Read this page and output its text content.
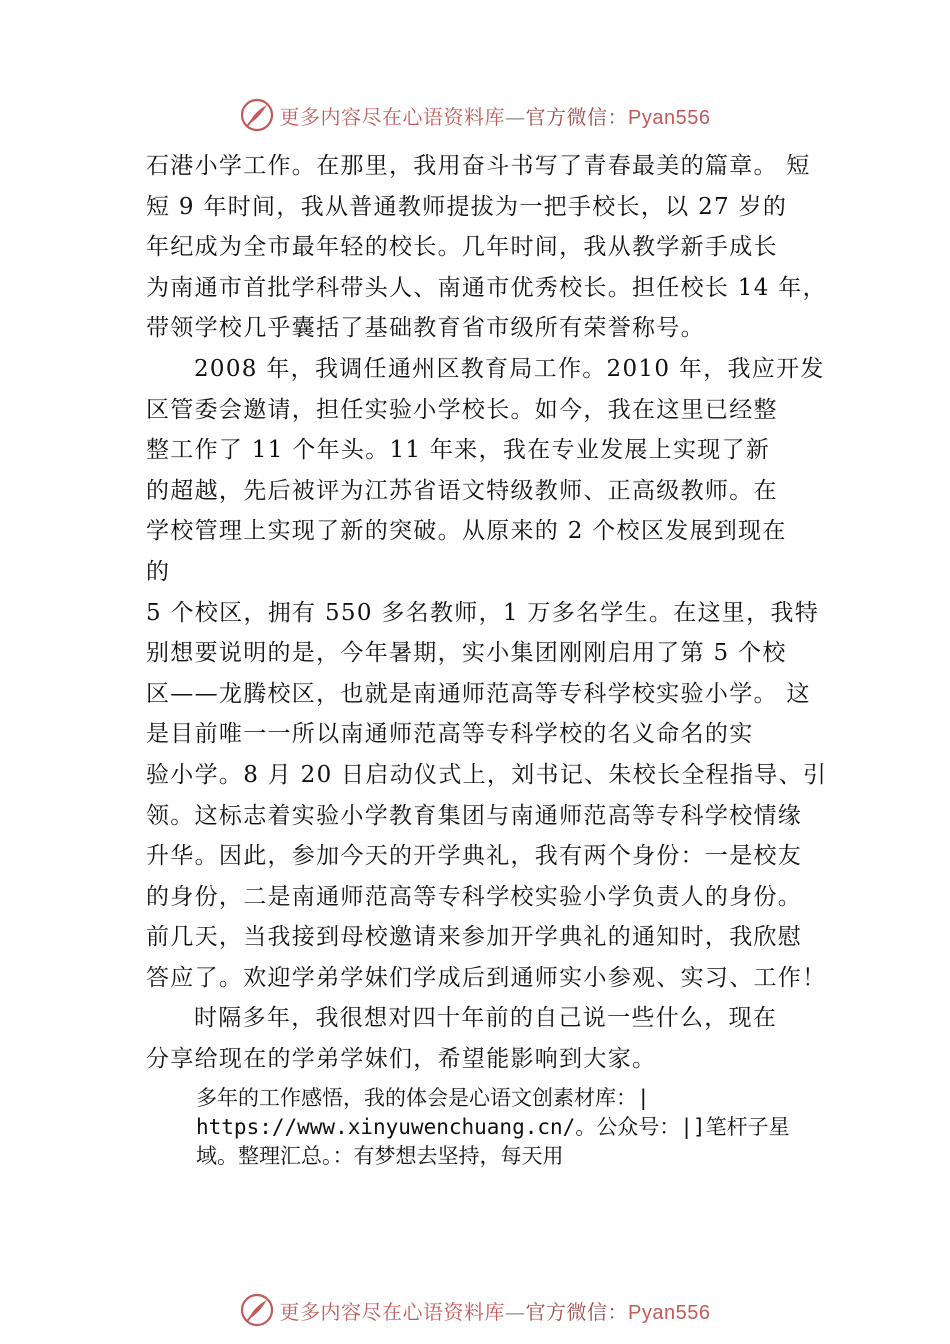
更多内容尽在心语资料库—官方微信：Pyan556
石港小学工作。在那里，我用奋斗书写了青春最美的篇章。 短
短 9 年时间，我从普通教师提拔为一把手校长，以 27 岁的
年纪成为全市最年轻的校长。几年时间，我从教学新手成长
为南通市首批学科带头人、南通市优秀校长。担任校长 14 年，
带领学校几乎囊括了基础教育省市级所有荣誉称号。
2008 年，我调任通州区教育局工作。2010 年，我应开发
区管委会邀请，担任实验小学校长。如今，我在这里已经整
整工作了 11 个年头。11 年来，我在专业发展上实现了新
的超越，先后被评为江苏省语文特级教师、正高级教师。在
学校管理上实现了新的突破。从原来的 2 个校区发展到现在
的
5 个校区，拥有 550 多名教师，1 万多名学生。在这里，我特
别想要说明的是，今年暑期，实小集团刚刚启用了第 5 个校
区——龙腾校区，也就是南通师范高等专科学校实验小学。 这
是目前唯一一所以南通师范高等专科学校的名义命名的实
验小学。8 月 20 日启动仪式上，刘书记、朱校长全程指导、引
领。这标志着实验小学教育集团与南通师范高等专科学校情缘
升华。因此，参加今天的开学典礼，我有两个身份：一是校友
的身份，二是南通师范高等专科学校实验小学负责人的身份。
前几天，当我接到母校邀请来参加开学典礼的通知时，我欣慰
答应了。欢迎学弟学妹们学成后到通师实小参观、实习、工作！
时隔多年，我很想对四十年前的自己说一些什么，现在
分享给现在的学弟学妹们，希望能影响到大家。
多年的工作感悟，我的体会是心语文创素材库：|
https://www.xinyuwenchuang.cn/。公众号：|]笔杆子星
域。整理汇总。：有梦想去坚持，每天用
更多内容尽在心语资料库—官方微信：Pyan556
